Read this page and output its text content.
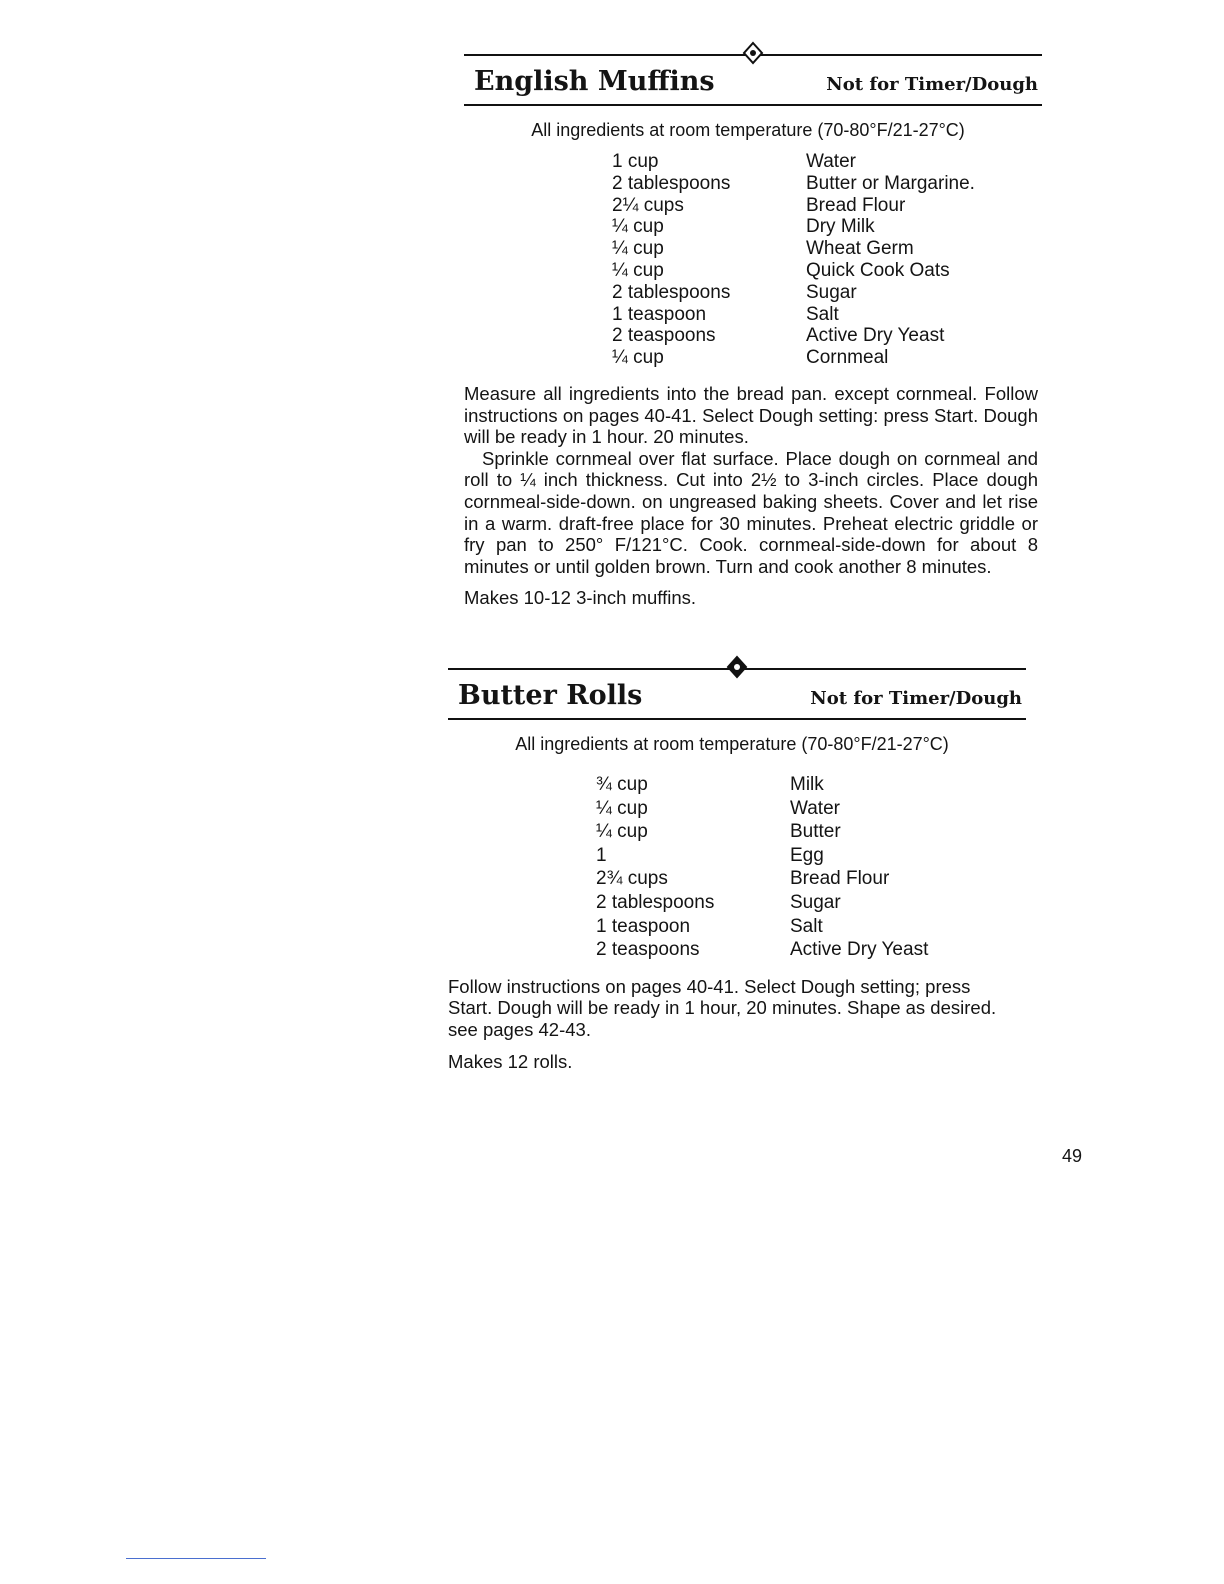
English Muffins	Not for Timer/Dough
All ingredients at room temperature (70-80°F/21-27°C)
1 cup	Water
2 tablespoons	Butter or Margarine.
2¼ cups	Bread Flour
¼ cup	Dry Milk
¼ cup	Wheat Germ
¼ cup	Quick Cook Oats
2 tablespoons	Sugar
1 teaspoon	Salt
2 teaspoons	Active Dry Yeast
¼ cup	Cornmeal

Measure all ingredients into the bread pan. except cornmeal. Follow instructions on pages 40-41. Select Dough setting: press Start. Dough will be ready in 1 hour. 20 minutes.

Sprinkle cornmeal over flat surface. Place dough on cornmeal and roll to ¼ inch thickness. Cut into 2½ to 3-inch circles. Place dough cornmeal-side-down. on ungreased baking sheets. Cover and let rise in a warm. draft-free place for 30 minutes. Preheat electric griddle or fry pan to 250° F/121°C. Cook. cornmeal-side-down for about 8 minutes or until golden brown. Turn and cook another 8 minutes.

Makes 10-12 3-inch muffins.
Butter Rolls	Not for Timer/Dough
All ingredients at room temperature (70-80°F/21-27°C)
¾ cup	Milk
¼ cup	Water
¼ cup	Butter
1	Egg
2¾ cups	Bread Flour
2 tablespoons	Sugar
1 teaspoon	Salt
2 teaspoons	Active Dry Yeast

Follow instructions on pages 40-41. Select Dough setting; press Start. Dough will be ready in 1 hour, 20 minutes. Shape as desired. see pages 42-43.

Makes 12 rolls.
49
